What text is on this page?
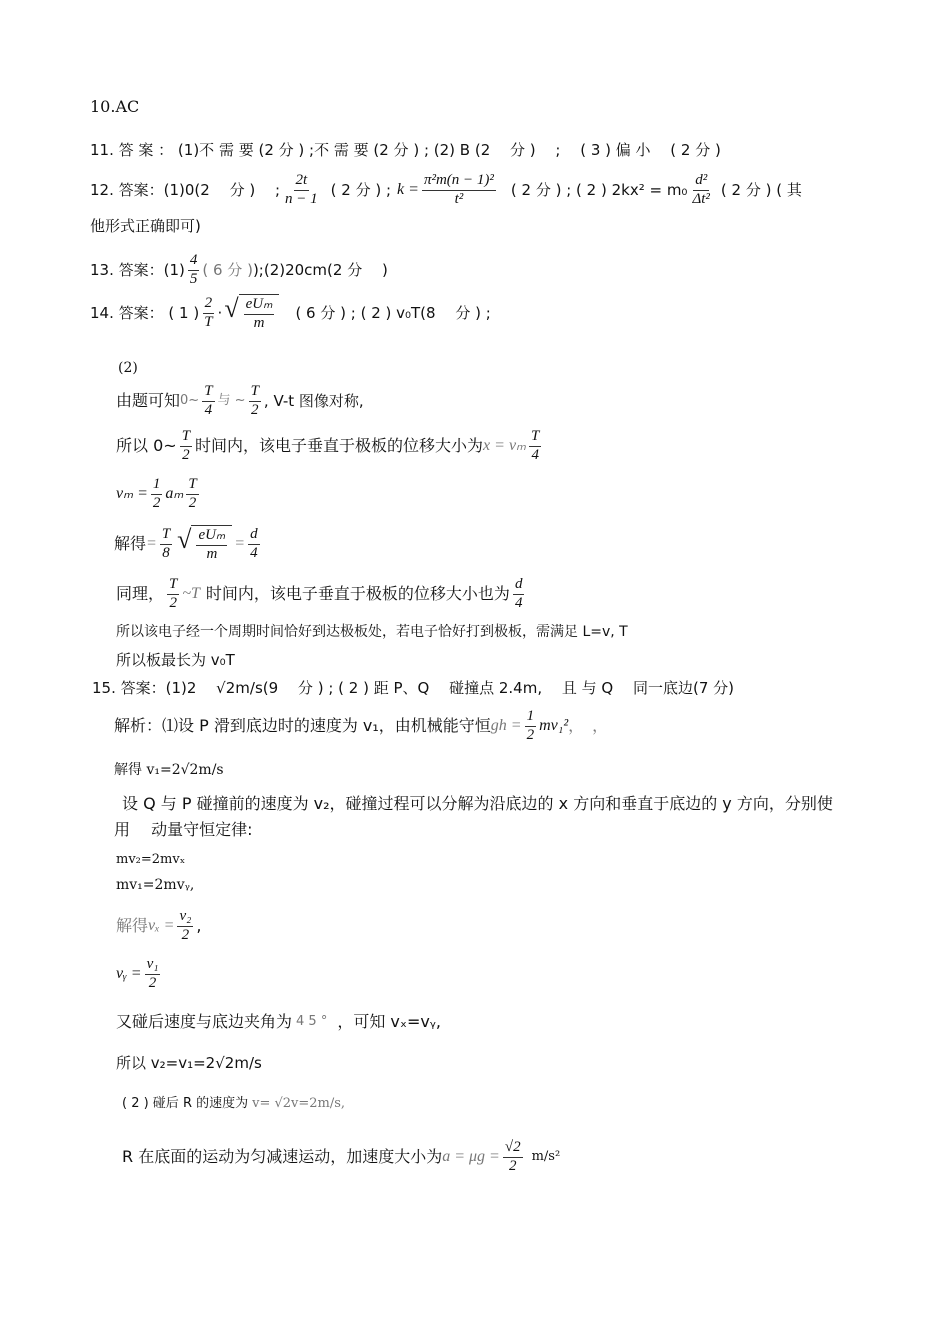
10.AC
11. 答 案 ： (1)不 需 要 (2 分 ) ;不 需 要 (2 分 ) ; (2) B (2 　分 ) 　; 　( 3 ) 偏 小 　( 2 分 )
12. 答案：(1)0(2 　分 ) 　; $\frac{2t}{n - 1}$ ( 2 分 ) ; $k = \frac{\text{π²m(n − 1)²}}{\text{t²}}$ ( 2 分 ) ; ( 2 ) $2kx^2 = m_0 \frac{\text{d²}}{\text{Δt²}}$ ( 2 分 ) ( 其
他形式正确即可)
13. 答案：$(1) \frac{4}{5}$ ( 6 分 ) );(2)20cm(2 分 　)
14. 答案： ( 1 ) $\frac{2}{T}$ · √ $\frac{\text{eUₘ}}{m}$ ( 6 分 ) ; ( 2 ) v₀T(8 　分 ) ;
(2)
由题可知 0~ $\frac{T}{4}$ 与 ~ $\frac{T}{2}$ , V-t 图像对称,
所以 0~ $\frac{T}{2}$ 时间内，该电子垂直于极板的位移大小为 x = vₘ $\frac{T}{4}$
$v_m = \frac{1}{2}$ aₘ $\frac{T}{2}$
解得 = $\frac{T}{8}$ √ $\frac{\text{eUₘ}}{m} = \frac{d}{4}$
同理， $\frac{T}{2}$ ~T 时间内，该电子垂直于极板的位移大小也为 $\frac{d}{4}$
所以该电子经一个周期时间恰好到达极板处，若电子恰好打到极板，需满足 L=v, T
所以板最长为 v₀T
15. 答案：(1)2 　√2m/s(9 　分 ) ; ( 2 ) 距 P、Q 　碰撞点 2.4m, 　且 与 Q 　同一底边(7 分)
解析：⑴设 P 滑到底边时的速度为 v₁，由机械能守恒 gh = $\frac{1}{2} mv_1^2$ ，　，
解得 v₁=2√2m/s
设 Q 与 P 碰撞前的速度为 v₂，碰撞过程可以分解为沿底边的 x 方向和垂直于底边的 y 方向，分别使
用 　动量守恒定律:
mv₂=2mvₓ
mv₁=2mvᵧ,
解得 $v_x = \frac{\text{v₂}}{2}$ ,
vᵧ = $\frac{\text{v₁}}{2}$
又碰后速度与底边夹角为 4 5 ° ，可知 vₓ=vᵧ,
所以 v₂=v₁=2√2m/s
( 2 ) 碰后 R 的速度为 v= √2v=2m/s,
R 在底面的运动为匀减速运动，加速度大小为 $a = \mu g = \frac{√2}{2} m/s^2$
